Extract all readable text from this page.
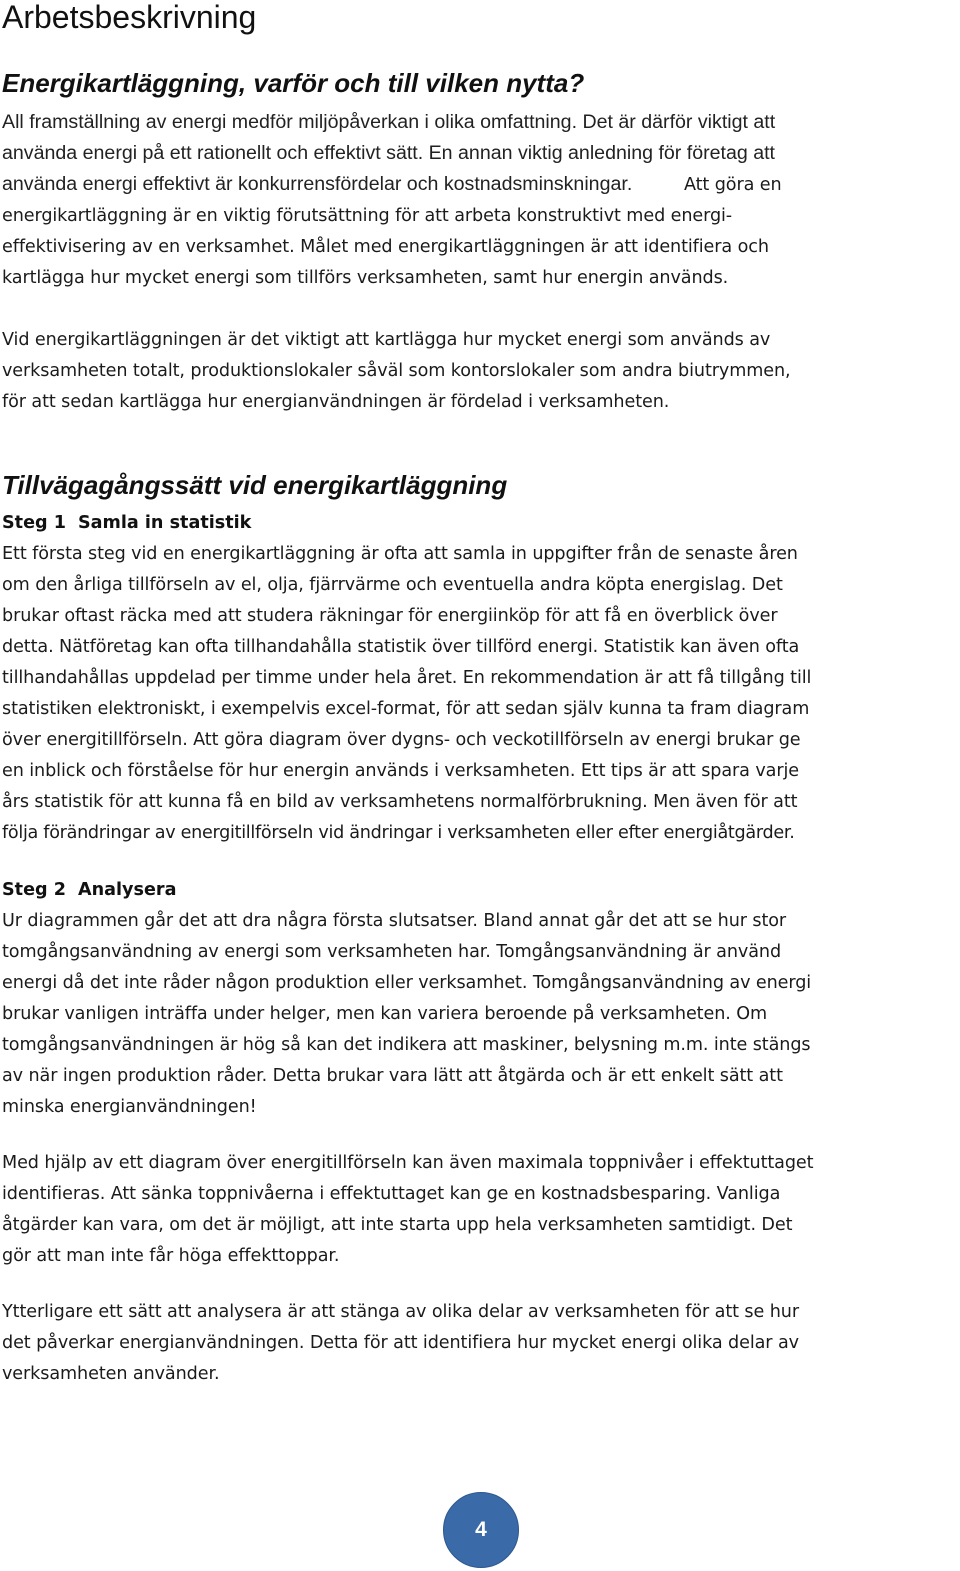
Arbetsbeskrivning
Energikartläggning, varför och till vilken nytta?

All framställning av energi medför miljöpåverkan i olika omfattning. Det är därför viktigt att
använda energi på ett rationellt och effektivt sätt. En annan viktig anledning för företag att
använda energi effektivt är konkurrensfördelar och kostnadsminskningar.	Att göra en
energikartläggning är en viktig förutsättning för att arbeta konstruktivt med energi-
effektivisering av en verksamhet. Målet med energikartläggningen är att identifiera och
kartlägga hur mycket energi som tillförs verksamheten, samt hur energin används.

Vid energikartläggningen är det viktigt att kartlägga hur mycket energi som används av
verksamheten totalt, produktionslokaler såväl som kontorslokaler som andra biutrymmen,
för att sedan kartlägga hur energianvändningen är fördelad i verksamheten.

Tillvägagångssätt vid energikartläggning
Steg 1 Samla in statistik

Ett första steg vid en energikartläggning är ofta att samla in uppgifter från de senaste åren
om den årliga tillförseln av el, olja, fjärrvärme och eventuella andra köpta energislag. Det
brukar oftast räcka med att studera räkningar för energiinköp för att få en överblick över
detta. Nätföretag kan ofta tillhandahålla statistik över tillförd energi. Statistik kan även ofta
tillhandahållas uppdelad per timme under hela året. En rekommendation är att få tillgång till
statistiken elektroniskt, i exempelvis excel-format, för att sedan själv kunna ta fram diagram
över energitillförseln. Att göra diagram över dygns- och veckotillförseln av energi brukar ge
en inblick och förståelse för hur energin används i verksamheten. Ett tips är att spara varje
års statistik för att kunna få en bild av verksamhetens normalförbrukning. Men även för att
följa förändringar av energitillförseln vid ändringar i verksamheten eller efter energiåtgärder.

Steg 2 Analysera

Ur diagrammen går det att dra några första slutsatser. Bland annat går det att se hur stor
tomgångsanvändning av energi som verksamheten har. Tomgångsanvändning är använd
energi då det inte råder någon produktion eller verksamhet. Tomgångsanvändning av energi
brukar vanligen inträffa under helger, men kan variera beroende på verksamheten. Om
tomgångsanvändningen är hög så kan det indikera att maskiner, belysning m.m. inte stängs
av när ingen produktion råder. Detta brukar vara lätt att åtgärda och är ett enkelt sätt att
minska energianvändningen!

Med hjälp av ett diagram över energitillförseln kan även maximala toppnivåer i effektuttaget
identifieras. Att sänka toppnivåerna i effektuttaget kan ge en kostnadsbesparing. Vanliga
åtgärder kan vara, om det är möjligt, att inte starta upp hela verksamheten samtidigt. Det
gör att man inte får höga effekttoppar.

Ytterligare ett sätt att analysera är att stänga av olika delar av verksamheten för att se hur
det påverkar energianvändningen. Detta för att identifiera hur mycket energi olika delar av
verksamheten använder.

4
